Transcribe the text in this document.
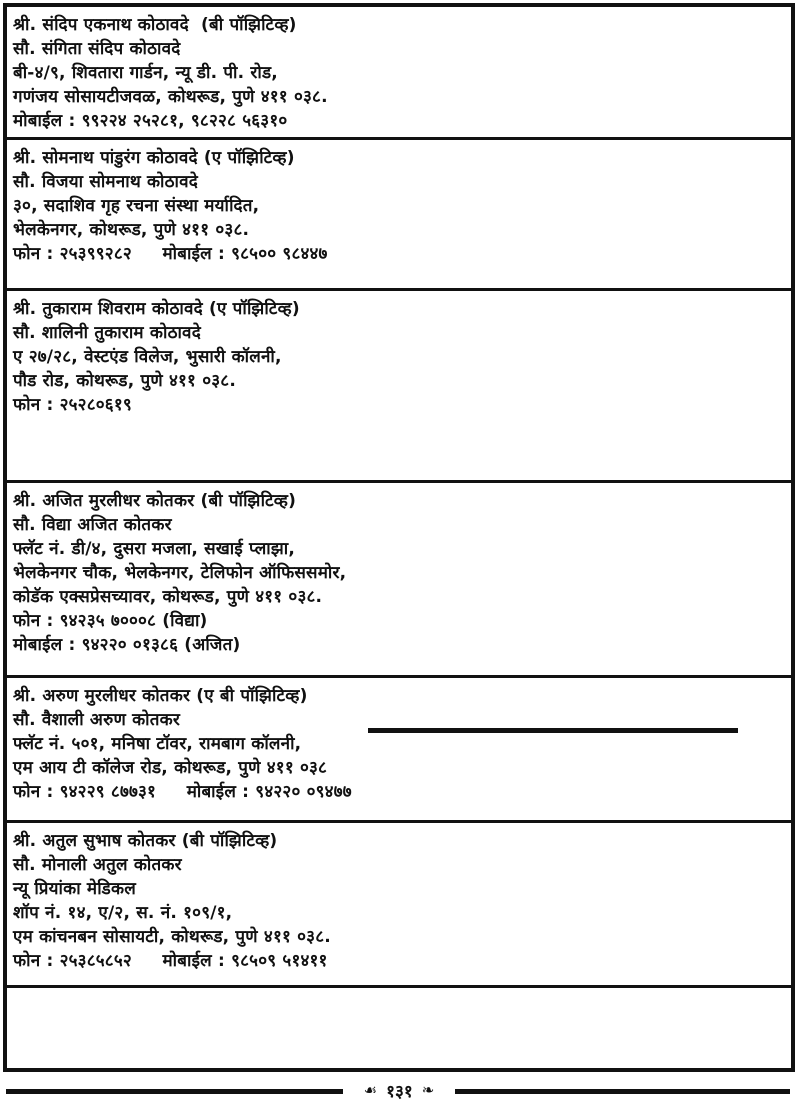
श्री. संदिप एकनाथ कोठावदे  (बी पॉझिटिव्ह)

सौ. संगिता संदिप कोठावदे

बी-४/९, शिवतारा गार्डन, न्यू डी. पी. रोड,

गणंजय सोसायटीजवळ, कोथरूड, पुणे ४११ ०३८.

मोबाईल : ९९२२४ २५२८१, ९८२२८ ५६३१०

श्री. सोमनाथ पांडुरंग कोठावदे (ए पॉझिटिव्ह)

सौ. विजया सोमनाथ कोठावदे

३०, सदाशिव गृह रचना संस्था मर्यादित,

भेलकेनगर, कोथरूड, पुणे ४११ ०३८.

फोन : २५३९९२८२     मोबाईल : ९८५०० ९८४४७

श्री. तुकाराम शिवराम कोठावदे (ए पॉझिटिव्ह)

सौ. शालिनी तुकाराम कोठावदे

ए २७/२८, वेस्टएंड विलेज, भुसारी कॉलनी,

पौड रोड, कोथरूड, पुणे ४११ ०३८.

फोन : २५२८०६१९

श्री. अजित मुरलीधर कोतकर (बी पॉझिटिव्ह)

सौ. विद्या अजित कोतकर

फ्लॅट नं. डी/४, दुसरा मजला, सखाई प्लाझा,

भेलकेनगर चौक, भेलकेनगर, टेलिफोन ऑफिससमोर,

कोडॅक एक्सप्रेसच्यावर, कोथरूड, पुणे ४११ ०३८.

फोन : ९४२३५ ७०००८ (विद्या)

मोबाईल : ९४२२० ०१३८६ (अजित)

श्री. अरुण मुरलीधर कोतकर (ए बी पॉझिटिव्ह)

सौ. वैशाली अरुण कोतकर

फ्लॅट नं. ५०१, मनिषा टॉवर, रामबाग कॉलनी,

एम आय टी कॉलेज रोड, कोथरूड, पुणे ४११ ०३८

फोन : ९४२२९ ८७७३१     मोबाईल : ९४२२० ०९४७७

श्री. अतुल सुभाष कोतकर (बी पॉझिटिव्ह)

सौ. मोनाली अतुल कोतकर

न्यू प्रियांका मेडिकल

शॉप नं. १४, ए/२, स. नं. १०९/१,

एम कांचनबन सोसायटी, कोथरूड, पुणे ४११ ०३८.

फोन : २५३८५८५२     मोबाईल : ९८५०९ ५१४११

☙ १३१ ❧
